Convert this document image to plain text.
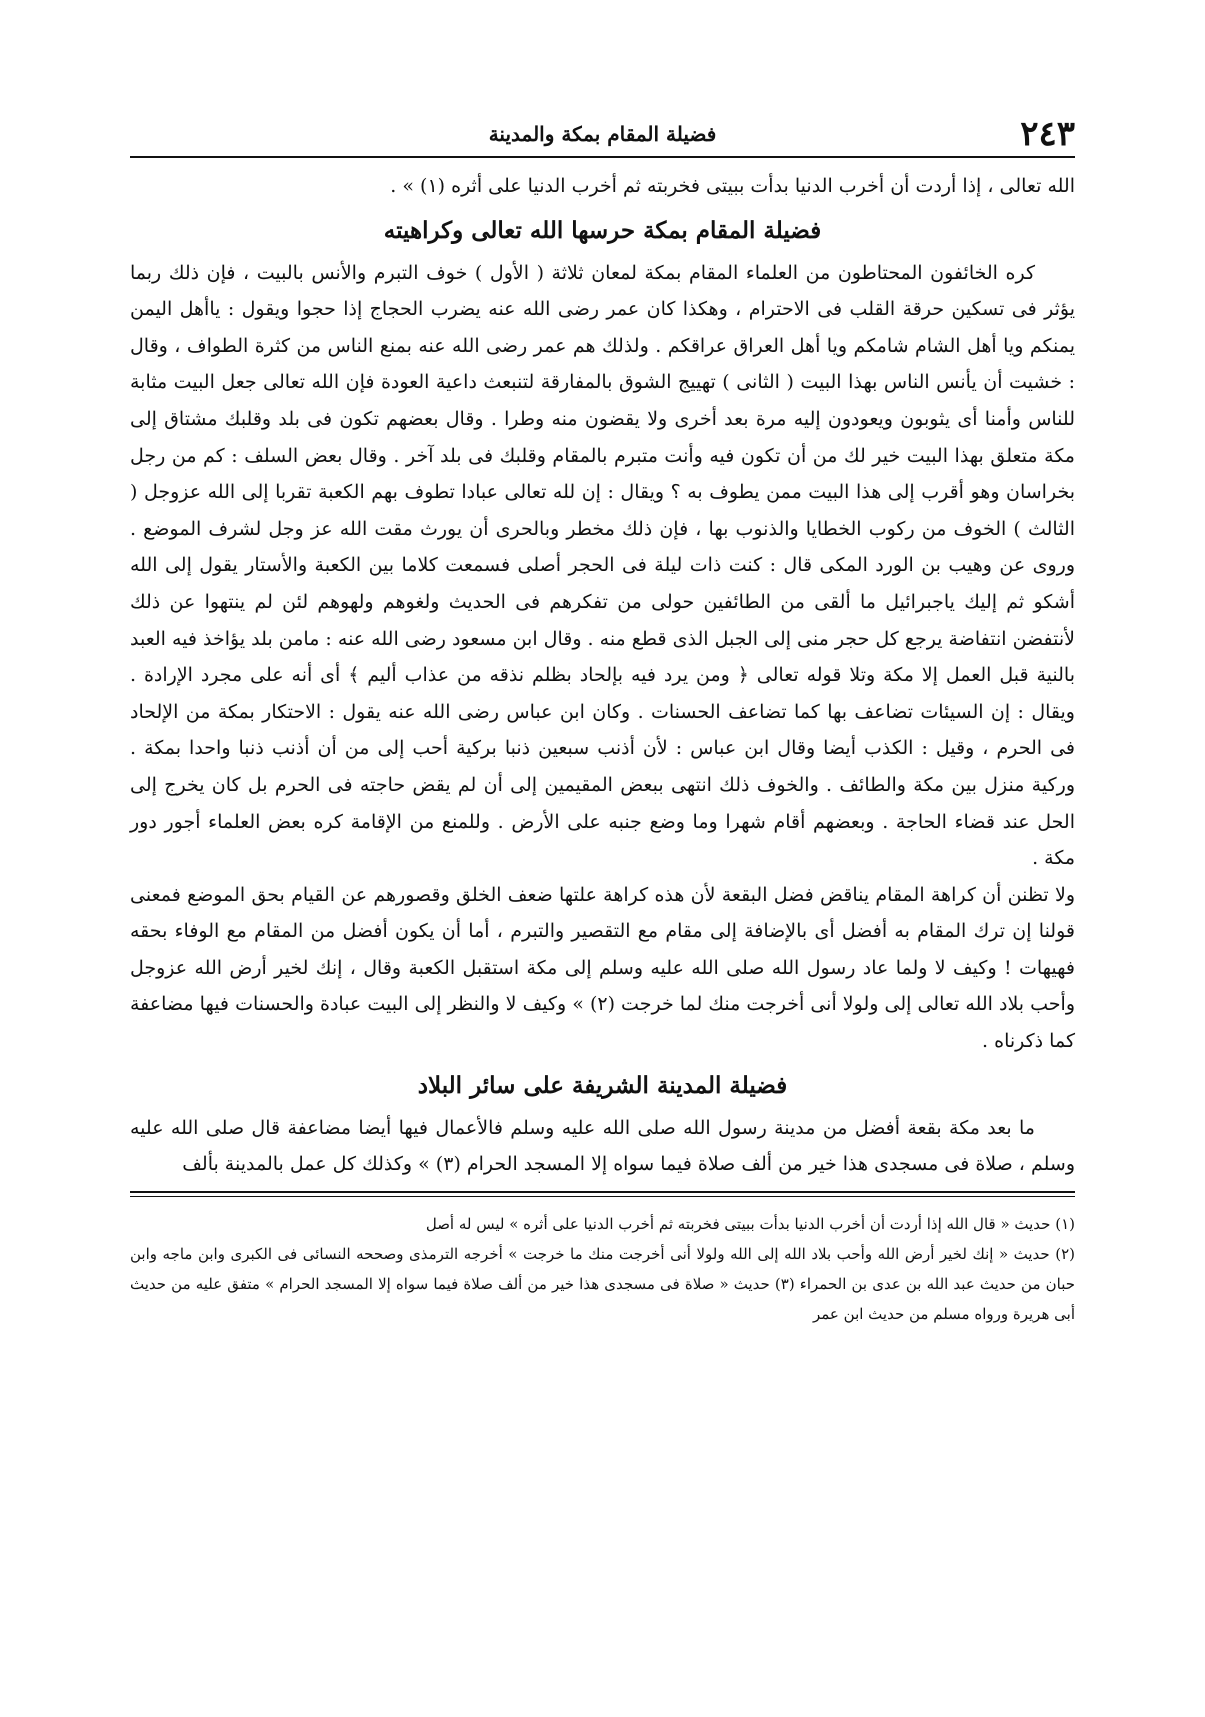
٢٤٣
فضيلة المقام بمكة والمدينة

الله تعالى ، إذا أردت أن أخرب الدنيا بدأت ببيتى فخربته ثم أخرب الدنيا على أثره (١) » .

فضيلة المقام بمكة حرسها الله تعالى وكراهيته

كره الخائفون المحتاطون من العلماء المقام بمكة لمعان ثلاثة ( الأول ) خوف التبرم والأنس بالبيت ، فإن ذلك ربما يؤثر فى تسكين حرقة القلب فى الاحترام ، وهكذا كان عمر رضى الله عنه يضرب الحجاج إذا حجوا ويقول : ياأهل اليمن يمنكم ويا أهل الشام شامكم ويا أهل العراق عراقكم . ولذلك هم عمر رضى الله عنه بمنع الناس من كثرة الطواف ، وقال : خشيت أن يأنس الناس بهذا البيت ( الثانى ) تهييج الشوق بالمفارقة لتنبعث داعية العودة فإن الله تعالى جعل البيت مثابة للناس وأمنا أى يثوبون ويعودون إليه مرة بعد أخرى ولا يقضون منه وطرا . وقال بعضهم تكون فى بلد وقلبك مشتاق إلى مكة متعلق بهذا البيت خير لك من أن تكون فيه وأنت متبرم بالمقام وقلبك فى بلد آخر . وقال بعض السلف : كم من رجل بخراسان وهو أقرب إلى هذا البيت ممن يطوف به ؟ ويقال : إن لله تعالى عبادا تطوف بهم الكعبة تقربا إلى الله عزوجل ( الثالث ) الخوف من ركوب الخطايا والذنوب بها ، فإن ذلك مخطر وبالحرى أن يورث مقت الله عز وجل لشرف الموضع . وروى عن وهيب بن الورد المكى قال : كنت ذات ليلة فى الحجر أصلى فسمعت كلاما بين الكعبة والأستار يقول إلى الله أشكو ثم إليك ياجبرائيل ما ألقى من الطائفين حولى من تفكرهم فى الحديث ولغوهم ولهوهم لئن لم ينتهوا عن ذلك لأنتفضن انتفاضة يرجع كل حجر منى إلى الجبل الذى قطع منه . وقال ابن مسعود رضى الله عنه : مامن بلد يؤاخذ فيه العبد بالنية قبل العمل إلا مكة وتلا قوله تعالى ﴿ ومن يرد فيه بإلحاد بظلم نذقه من عذاب أليم ﴾ أى أنه على مجرد الإرادة . ويقال : إن السيئات تضاعف بها كما تضاعف الحسنات . وكان ابن عباس رضى الله عنه يقول : الاحتكار بمكة من الإلحاد فى الحرم ، وقيل : الكذب أيضا وقال ابن عباس : لأن أذنب سبعين ذنبا بركية أحب إلى من أن أذنب ذنبا واحدا بمكة . وركية منزل بين مكة والطائف . والخوف ذلك انتهى ببعض المقيمين إلى أن لم يقض حاجته فى الحرم بل كان يخرج إلى الحل عند قضاء الحاجة . وبعضهم أقام شهرا وما وضع جنبه على الأرض . وللمنع من الإقامة كره بعض العلماء أجور دور مكة .

ولا تظنن أن كراهة المقام يناقض فضل البقعة لأن هذه كراهة علتها ضعف الخلق وقصورهم عن القيام بحق الموضع فمعنى قولنا إن ترك المقام به أفضل أى بالإضافة إلى مقام مع التقصير والتبرم ، أما أن يكون أفضل من المقام مع الوفاء بحقه فهيهات ! وكيف لا ولما عاد رسول الله صلى الله عليه وسلم إلى مكة استقبل الكعبة وقال ، إنك لخير أرض الله عزوجل وأحب بلاد الله تعالى إلى ولولا أنى أخرجت منك لما خرجت (٢) » وكيف لا والنظر إلى البيت عبادة والحسنات فيها مضاعفة كما ذكرناه .

فضيلة المدينة الشريفة على سائر البلاد

ما بعد مكة بقعة أفضل من مدينة رسول الله صلى الله عليه وسلم فالأعمال فيها أيضا مضاعفة قال صلى الله عليه وسلم ، صلاة فى مسجدى هذا خير من ألف صلاة فيما سواه إلا المسجد الحرام (٣) » وكذلك كل عمل بالمدينة بألف

(١) حديث « قال الله إذا أردت أن أخرب الدنيا بدأت ببيتى فخربته ثم أخرب الدنيا على أثره » ليس له أصل

(٢) حديث « إنك لخير أرض الله وأحب بلاد الله إلى الله ولولا أنى أخرجت منك ما خرجت » أخرجه الترمذى وصححه النسائى فى الكبرى وابن ماجه وابن حبان من حديث عبد الله بن عدى بن الحمراء (٣) حديث « صلاة فى مسجدى هذا خير من ألف صلاة فيما سواه إلا المسجد الحرام » متفق عليه من حديث أبى هريرة ورواه مسلم من حديث ابن عمر
